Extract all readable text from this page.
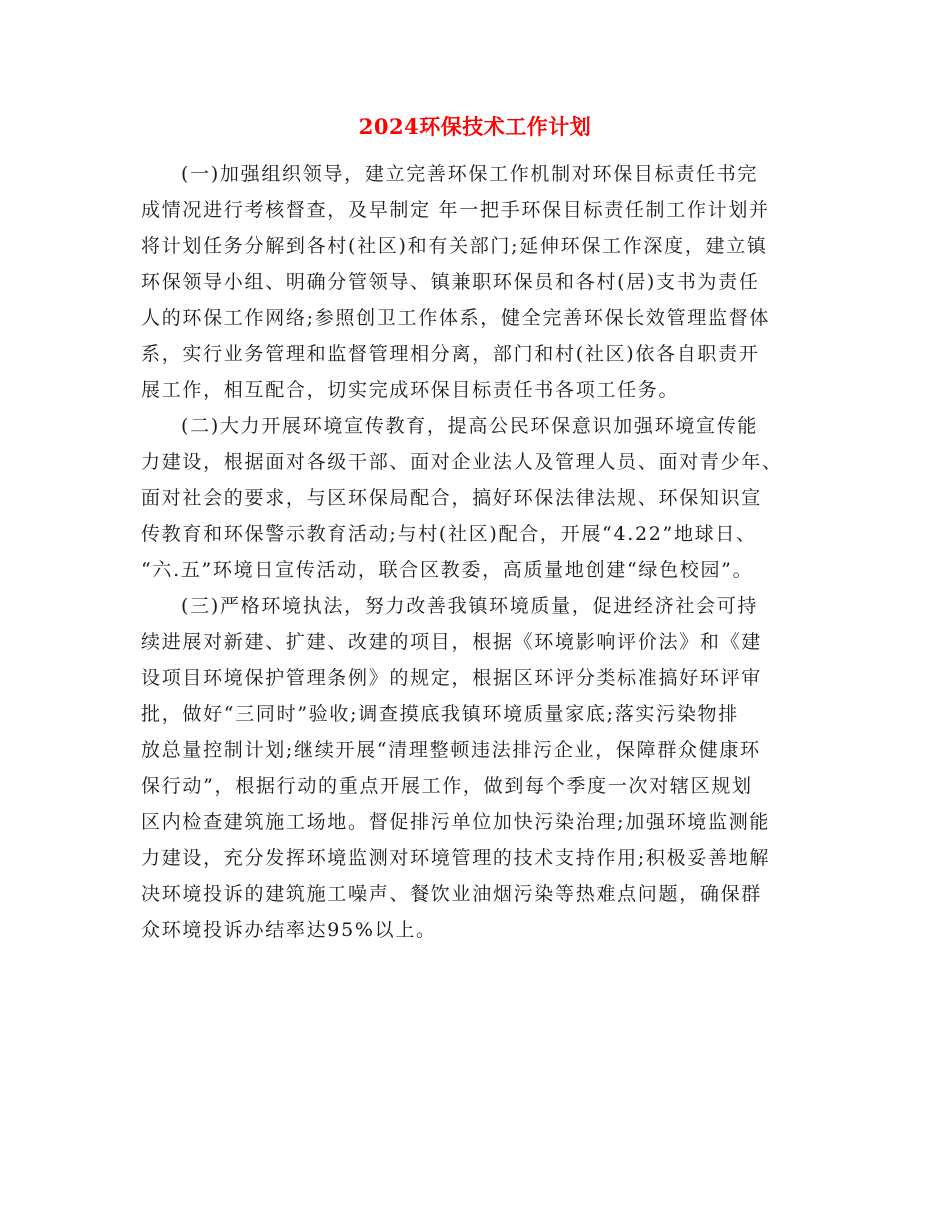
2024环保技术工作计划
(一)加强组织领导，建立完善环保工作机制对环保目标责任书完
成情况进行考核督查，及早制定 年一把手环保目标责任制工作计划并
将计划任务分解到各村(社区)和有关部门;延伸环保工作深度，建立镇
环保领导小组、明确分管领导、镇兼职环保员和各村(居)支书为责任
人的环保工作网络;参照创卫工作体系，健全完善环保长效管理监督体
系，实行业务管理和监督管理相分离，部门和村(社区)依各自职责开
展工作，相互配合，切实完成环保目标责任书各项工任务。
(二)大力开展环境宣传教育，提高公民环保意识加强环境宣传能
力建设，根据面对各级干部、面对企业法人及管理人员、面对青少年、
面对社会的要求，与区环保局配合，搞好环保法律法规、环保知识宣
传教育和环保警示教育活动;与村(社区)配合，开展“4.22”地球日、
“六.五”环境日宣传活动，联合区教委，高质量地创建“绿色校园”。
(三)严格环境执法，努力改善我镇环境质量，促进经济社会可持
续进展对新建、扩建、改建的项目，根据《环境影响评价法》和《建
设项目环境保护管理条例》的规定，根据区环评分类标准搞好环评审
批，做好“三同时”验收;调查摸底我镇环境质量家底;落实污染物排
放总量控制计划;继续开展“清理整顿违法排污企业，保障群众健康环
保行动”，根据行动的重点开展工作，做到每个季度一次对辖区规划
区内检查建筑施工场地。督促排污单位加快污染治理;加强环境监测能
力建设，充分发挥环境监测对环境管理的技术支持作用;积极妥善地解
决环境投诉的建筑施工噪声、餐饮业油烟污染等热难点问题，确保群
众环境投诉办结率达95%以上。
